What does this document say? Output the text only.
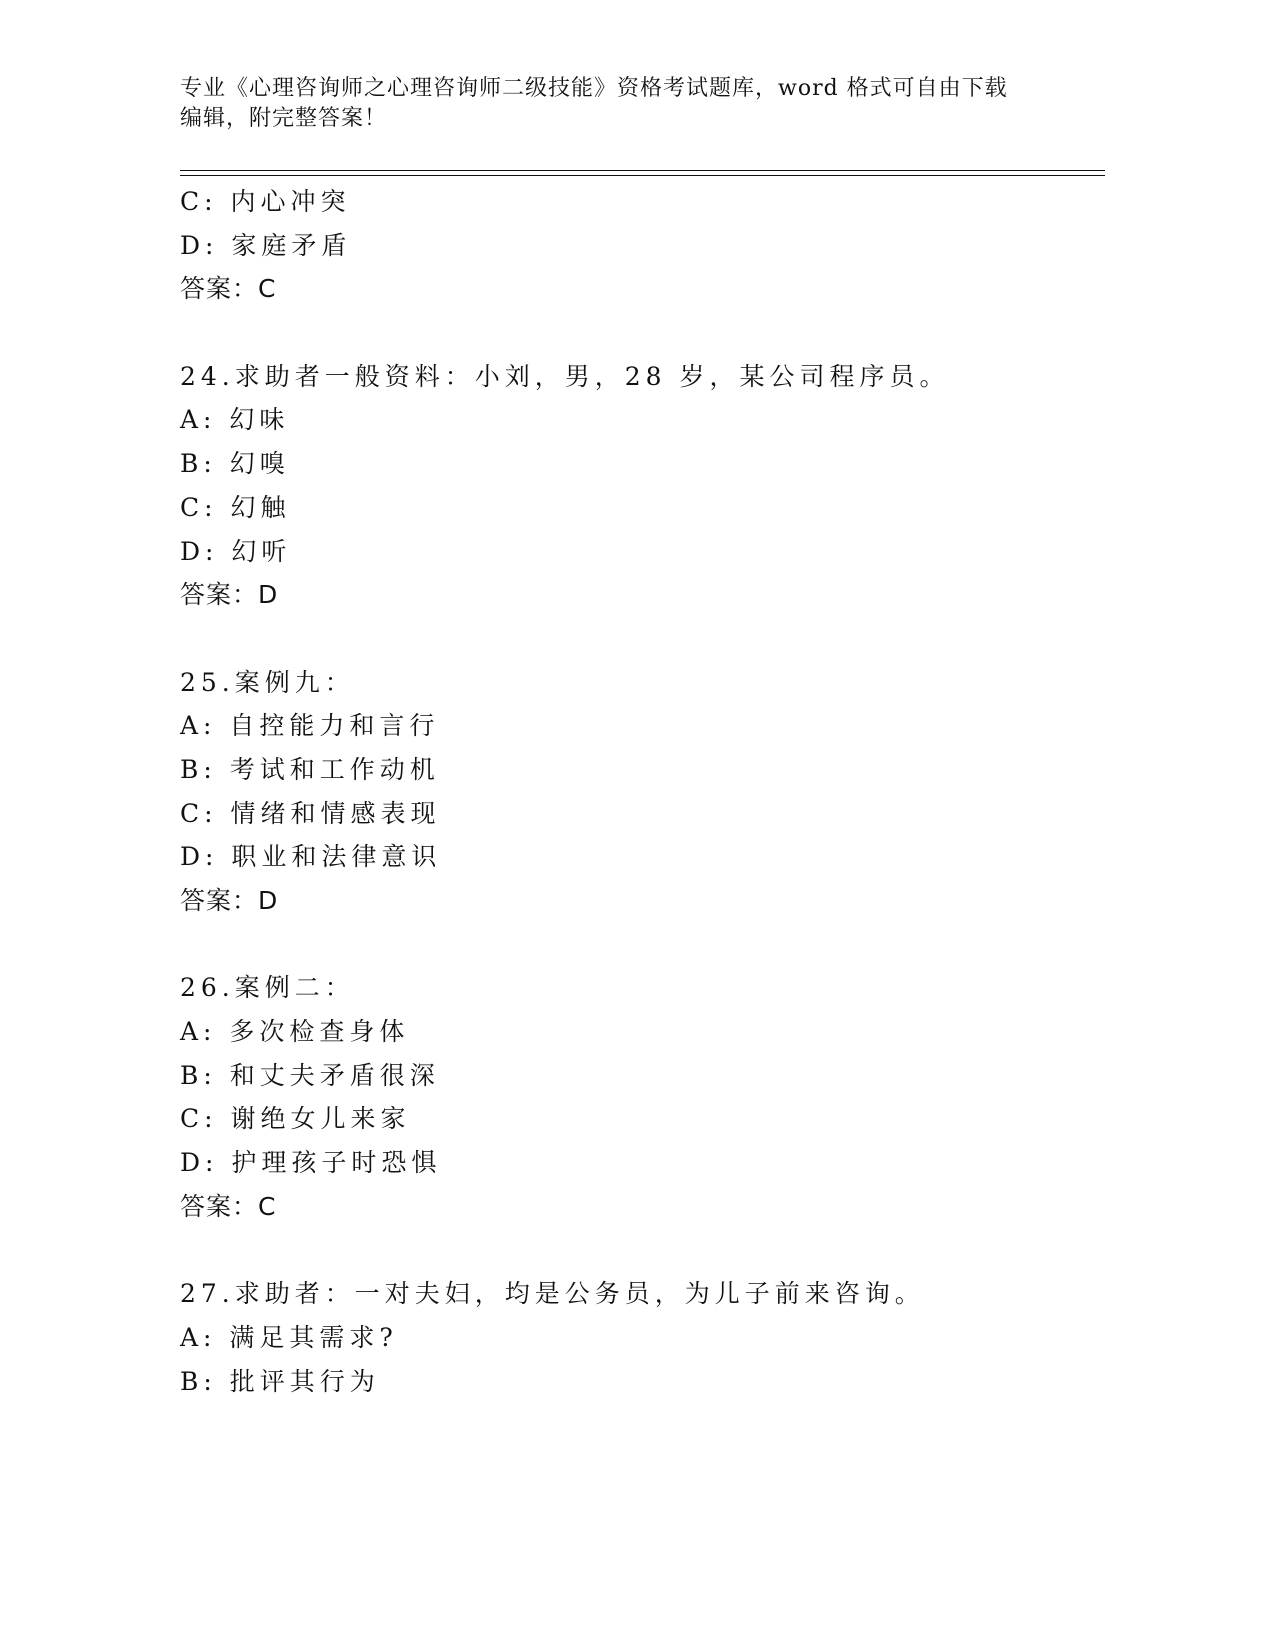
专业《心理咨询师之心理咨询师二级技能》资格考试题库，word 格式可自由下载
编辑，附完整答案！
C: 内心冲突
D: 家庭矛盾
答案：C
24.求助者一般资料：小刘，男，28 岁，某公司程序员。
A: 幻味
B: 幻嗅
C: 幻触
D: 幻听
答案：D
25.案例九：
A: 自控能力和言行
B: 考试和工作动机
C: 情绪和情感表现
D: 职业和法律意识
答案：D
26.案例二：
A: 多次检查身体
B: 和丈夫矛盾很深
C: 谢绝女儿来家
D: 护理孩子时恐惧
答案：C
27.求助者：一对夫妇，均是公务员，为儿子前来咨询。
A: 满足其需求?
B: 批评其行为
